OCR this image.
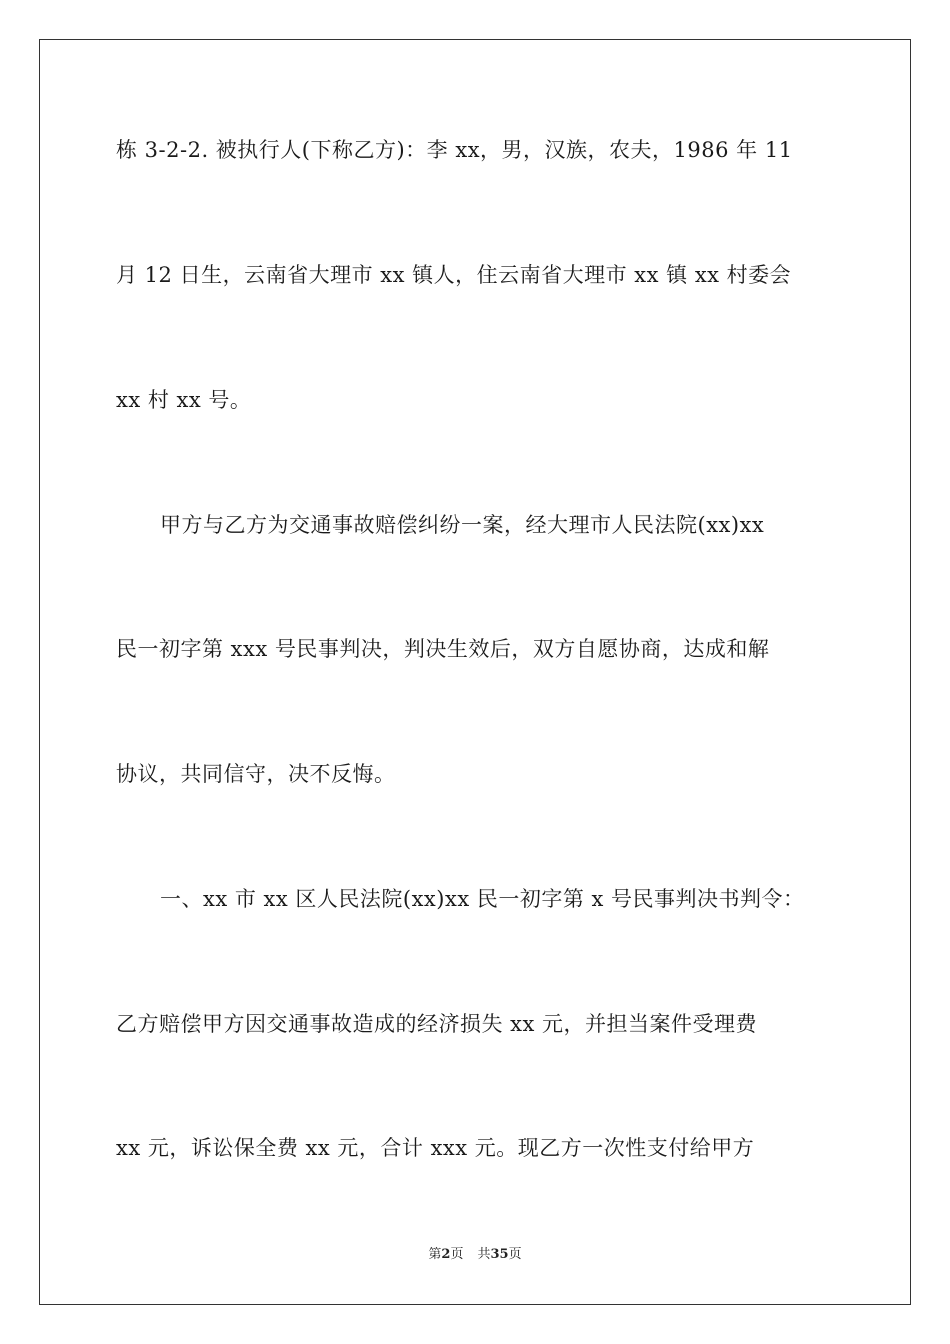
栋 3-2-2. 被执行人(下称乙方)：李 xx，男，汉族，农夫，1986 年 11
月 12 日生，云南省大理市 xx 镇人，住云南省大理市 xx 镇 xx 村委会
xx 村 xx 号。
甲方与乙方为交通事故赔偿纠纷一案，经大理市人民法院(xx)xx
民一初字第 xxx 号民事判决，判决生效后，双方自愿协商，达成和解
协议，共同信守，决不反悔。
一、xx 市 xx 区人民法院(xx)xx 民一初字第 x 号民事判决书判令：
乙方赔偿甲方因交通事故造成的经济损失 xx 元，并担当案件受理费
xx 元，诉讼保全费 xx 元，合计 xxx 元。现乙方一次性支付给甲方
第2页 共35页
